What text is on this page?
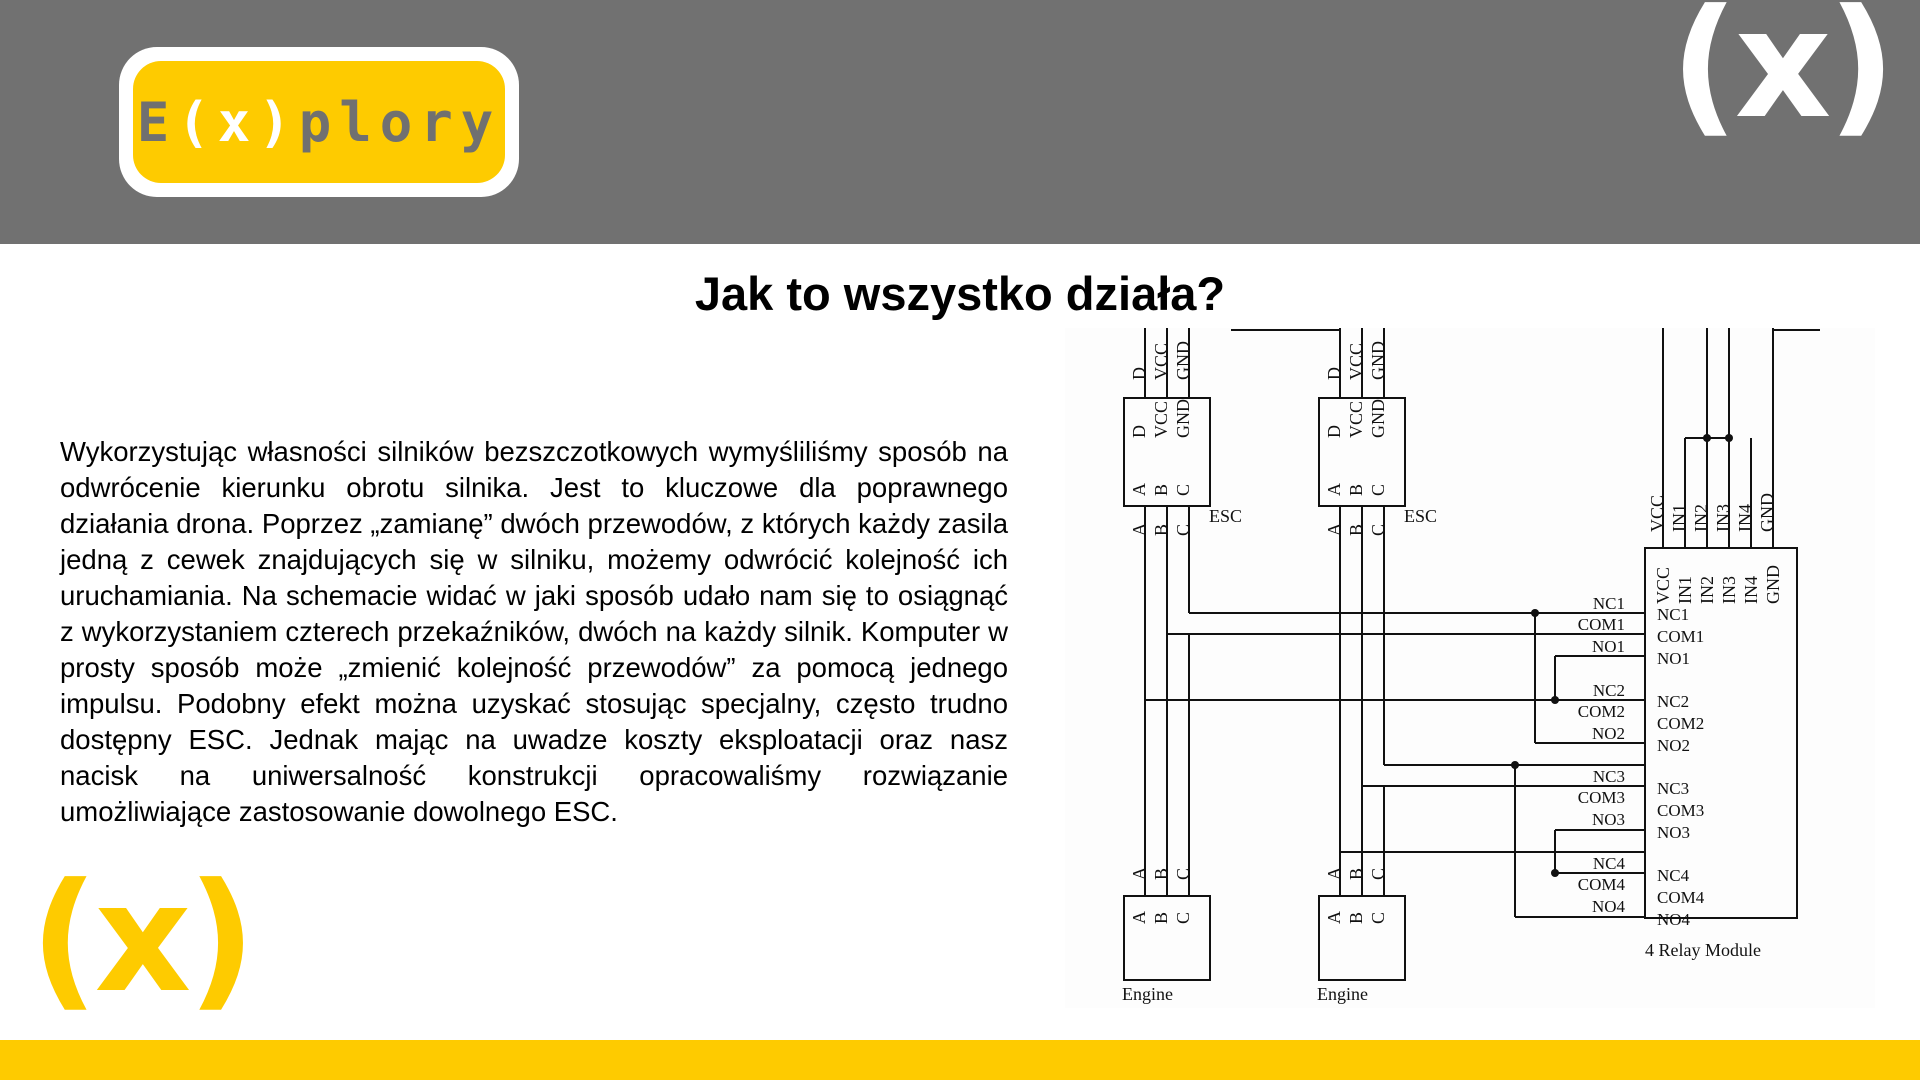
E(x)plory	(x)
Jak to wszystko działa?

Wykorzystując własności silników bezszczotkowych wymyśliliśmy sposób na odwrócenie kierunku obrotu silnika. Jest to kluczowe dla poprawnego działania drona. Poprzez „zamianę” dwóch przewodów, z których każdy zasila jedną z cewek znajdujących się w silniku, możemy odwrócić kolejność ich uruchamiania. Na schemacie widać w jaki sposób udało nam się to osiągnąć z wykorzystaniem czterech przekaźników, dwóch na każdy silnik. Komputer w prosty sposób może „zmienić kolejność przewodów” za pomocą jednego impulsu. Podobny efekt można uzyskać stosując specjalny, często trudno dostępny ESC. Jednak mając na uwadze koszty eksploatacji oraz nasz nacisk na uniwersalność konstrukcji opracowaliśmy rozwiązanie umożliwiające zastosowanie dowolnego ESC.

D VCC GND
D VCC GND
A B C
A B C
A B C
A B C
D VCC GND
D VCC GND
A B C
A B C
A B C
A B C
VCC IN1 IN2 IN3 IN4 GND
VCC IN1 IN2 IN3 IN4 GND
ESC	ESC
Engine	Engine
4 Relay Module
NC1
COM1
NO1
NC2
COM2
NO2
NC3
COM3
NO3
NC4
COM4
NO4
NC1
COM1
NO1
NC2
COM2
NO2
NC3
COM3
NO3
NC4
COM4
NO4
(x)
